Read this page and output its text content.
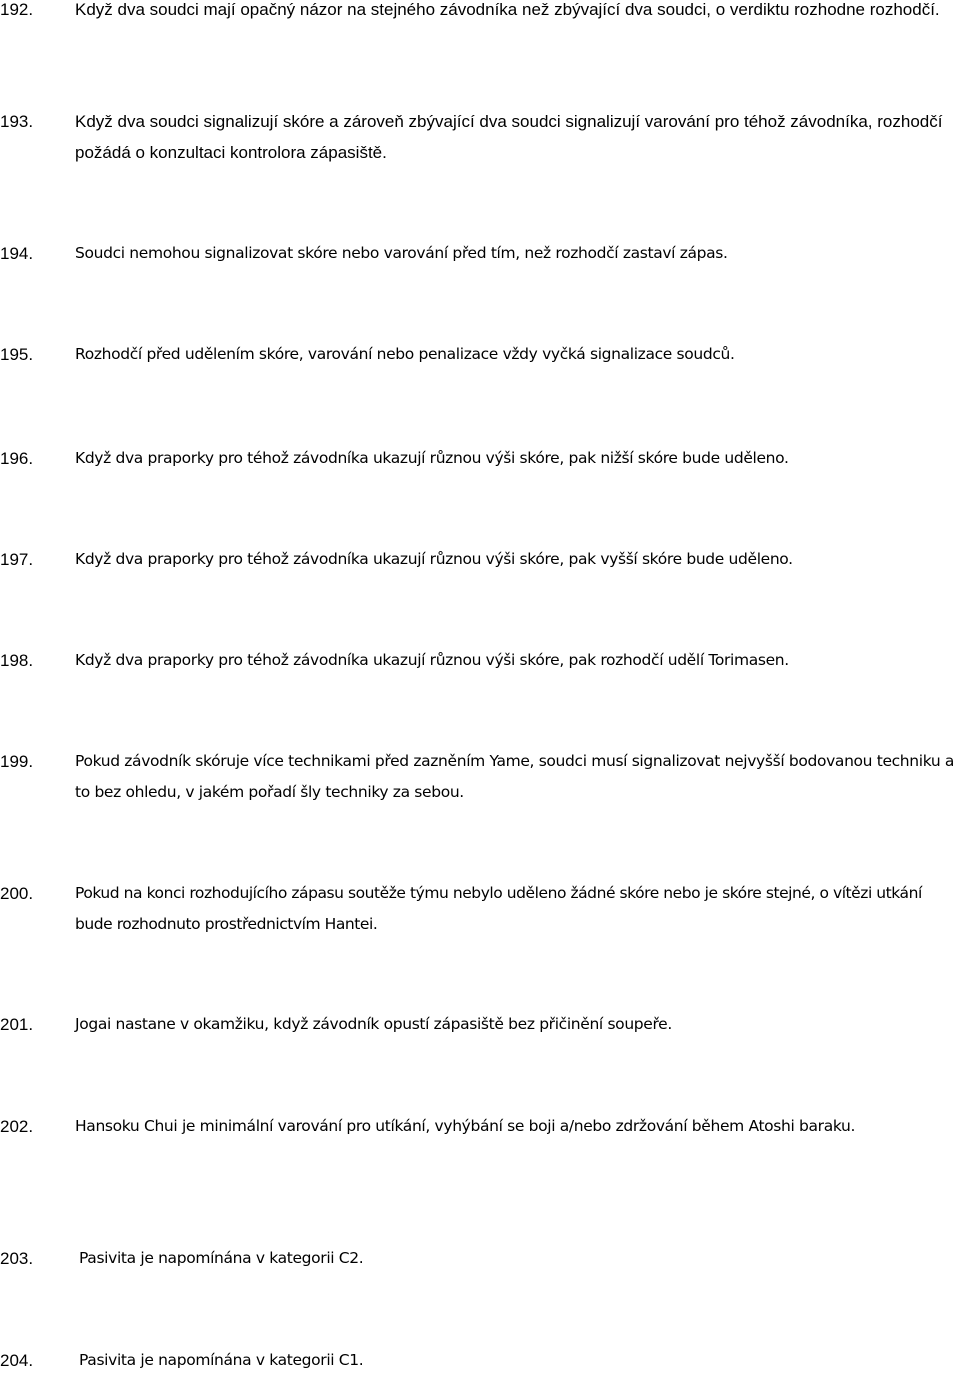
192. Když dva soudci mají opačný názor na stejného závodníka než zbývající dva soudci, o verdiktu rozhodne rozhodčí.
193. Když dva soudci signalizují skóre a zároveň zbývající dva soudci signalizují varování pro téhož závodníka, rozhodčí požádá o konzultaci kontrolora zápasiště.
194.	Soudci nemohou signalizovat skóre nebo varování před tím, než rozhodčí zastaví zápas.
195.	Rozhodčí před udělením skóre, varování nebo penalizace vždy vyčká signalizace soudců.
196.	Když dva praporky pro téhož závodníka ukazují různou výši skóre, pak nižší skóre bude uděleno.
197.	Když dva praporky pro téhož závodníka ukazují různou výši skóre, pak vyšší skóre bude uděleno.
198.	Když dva praporky pro téhož závodníka ukazují různou výši skóre, pak rozhodčí udělí Torimasen.
199.	Pokud závodník skóruje více technikami před zazněním Yame, soudci musí signalizovat nejvyšší bodovanou techniku a to bez ohledu, v jakém pořadí šly techniky za sebou.
200.	Pokud na konci rozhodujícího zápasu soutěže týmu nebylo uděleno žádné skóre nebo je skóre stejné, o vítězi utkání bude rozhodnuto prostřednictvím Hantei.
201.	Jogai nastane v okamžiku, když závodník opustí zápasiště bez přičinění soupeře.
202.	Hansoku Chui je minimální varování pro utíkání, vyhýbání se boji a/nebo zdržování během Atoshi baraku.
203.	Pasivita je napomínána v kategorii C2.
204.	Pasivita je napomínána v kategorii C1.
